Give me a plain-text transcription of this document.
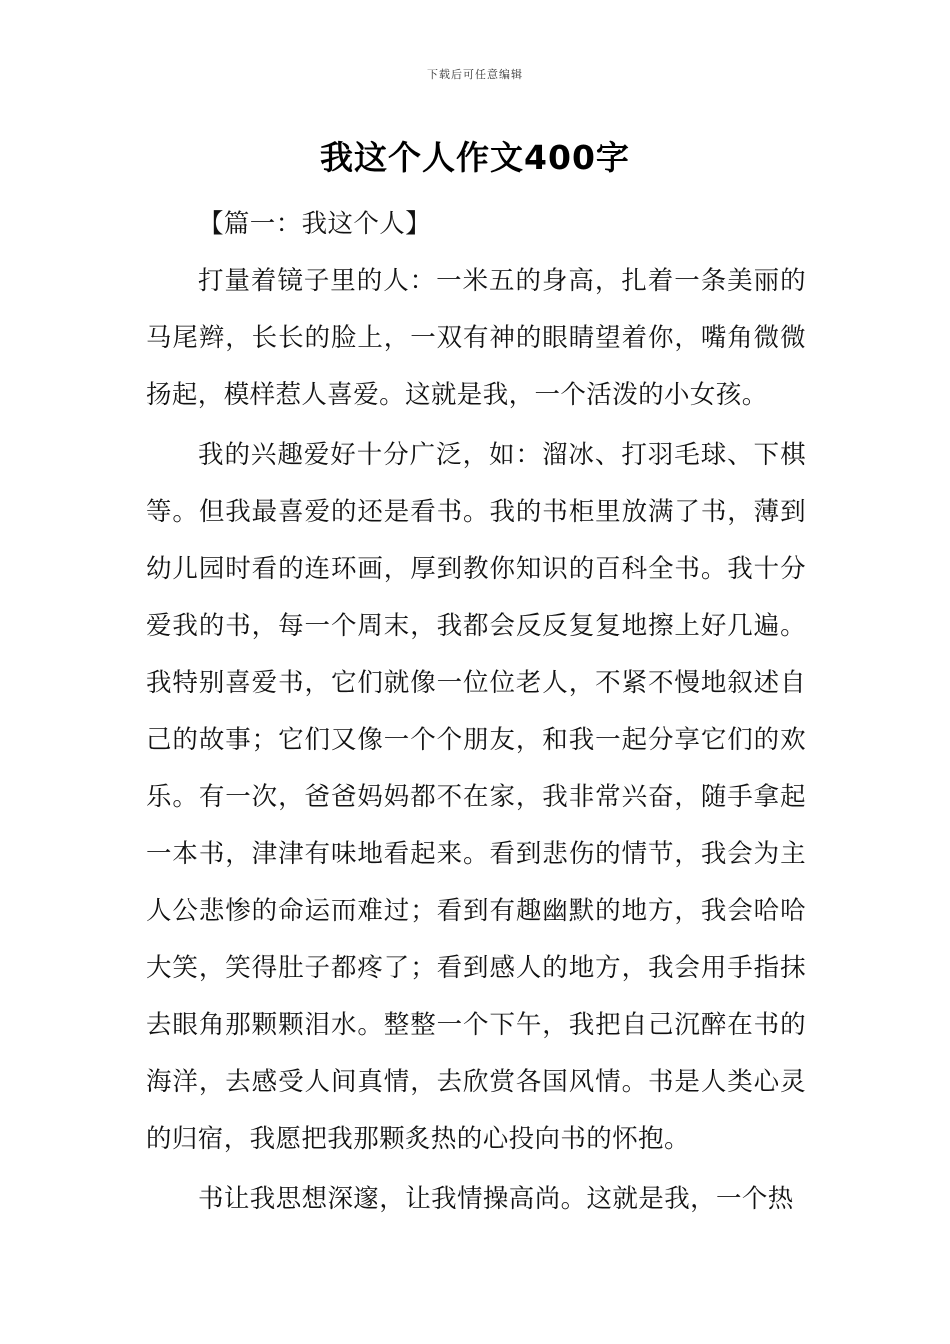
下载后可任意编辑
我这个人作文400字

【篇一：我这个人】

打量着镜子里的人：一米五的身高，扎着一条美丽的马尾辫，长长的脸上，一双有神的眼睛望着你，嘴角微微扬起，模样惹人喜爱。这就是我，一个活泼的小女孩。

我的兴趣爱好十分广泛，如：溜冰、打羽毛球、下棋等。但我最喜爱的还是看书。我的书柜里放满了书，薄到幼儿园时看的连环画，厚到教你知识的百科全书。我十分爱我的书，每一个周末，我都会反反复复地擦上好几遍。我特别喜爱书，它们就像一位位老人，不紧不慢地叙述自己的故事；它们又像一个个朋友，和我一起分享它们的欢乐。有一次，爸爸妈妈都不在家，我非常兴奋，随手拿起一本书，津津有味地看起来。看到悲伤的情节，我会为主人公悲惨的命运而难过；看到有趣幽默的地方，我会哈哈大笑，笑得肚子都疼了；看到感人的地方，我会用手指抹去眼角那颗颗泪水。整整一个下午，我把自己沉醉在书的海洋，去感受人间真情，去欣赏各国风情。书是人类心灵的归宿，我愿把我那颗炙热的心投向书的怀抱。

书让我思想深邃，让我情操高尚。这就是我，一个热
